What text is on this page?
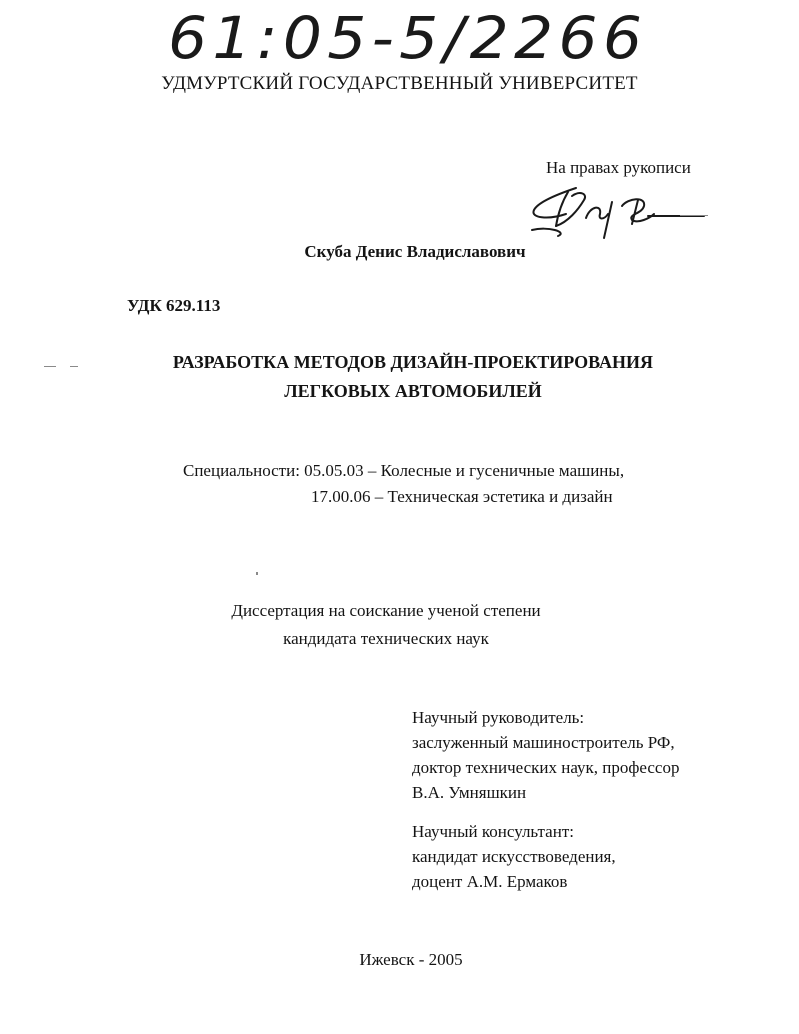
61:05-5/2266
УДМУРТСКИЙ ГОСУДАРСТВЕННЫЙ УНИВЕРСИТЕТ
На правах рукописи
Скуба Денис Владиславович
УДК 629.113
РАЗРАБОТКА МЕТОДОВ ДИЗАЙН-ПРОЕКТИРОВАНИЯ
ЛЕГКОВЫХ АВТОМОБИЛЕЙ
Специальности: 05.05.03 – Колесные и гусеничные машины,
17.00.06 – Техническая эстетика и дизайн
Диссертация на соискание ученой степени
кандидата технических наук
Научный руководитель:
заслуженный машиностроитель РФ,
доктор технических наук, профессор
В.А. Умняшкин
Научный консультант:
кандидат искусствоведения,
доцент А.М. Ермаков
Ижевск - 2005
